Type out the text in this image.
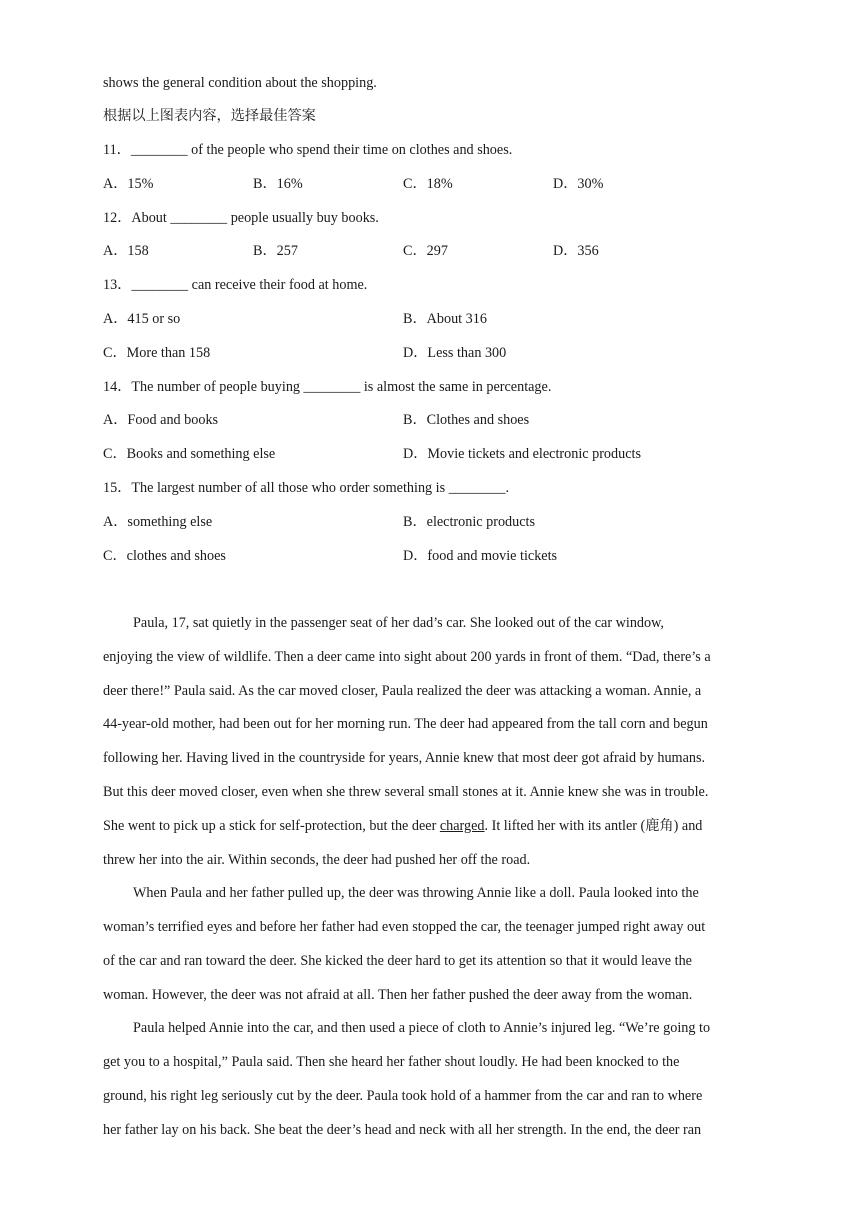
shows the general condition about the shopping.
根据以上图表内容，选择最佳答案
11．________ of the people who spend their time on clothes and shoes.
A．15%	B．16%	C．18%	D．30%
12．About ________ people usually buy books.
A．158	B．257	C．297	D．356
13．________ can receive their food at home.
A．415 or so	B．About 316
C．More than 158	D．Less than 300
14．The number of people buying ________ is almost the same in percentage.
A．Food and books	B．Clothes and shoes
C．Books and something else	D．Movie tickets and electronic products
15．The largest number of all those who order something is ________.
A．something else	B．electronic products
C．clothes and shoes	D．food and movie tickets
Paula, 17, sat quietly in the passenger seat of her dad’s car. She looked out of the car window,
enjoying the view of wildlife. Then a deer came into sight about 200 yards in front of them. “Dad, there’s a
deer there!” Paula said. As the car moved closer, Paula realized the deer was attacking a woman. Annie, a
44-year-old mother, had been out for her morning run. The deer had appeared from the tall corn and begun
following her. Having lived in the countryside for years, Annie knew that most deer got afraid by humans.
But this deer moved closer, even when she threw several small stones at it. Annie knew she was in trouble.
She went to pick up a stick for self-protection, but the deer charged. It lifted her with its antler (鹿角) and
threw her into the air. Within seconds, the deer had pushed her off the road.
When Paula and her father pulled up, the deer was throwing Annie like a doll. Paula looked into the
woman’s terrified eyes and before her father had even stopped the car, the teenager jumped right away out
of the car and ran toward the deer. She kicked the deer hard to get its attention so that it would leave the
woman. However, the deer was not afraid at all. Then her father pushed the deer away from the woman.
Paula helped Annie into the car, and then used a piece of cloth to Annie’s injured leg. “We’re going to
get you to a hospital,” Paula said. Then she heard her father shout loudly. He had been knocked to the
ground, his right leg seriously cut by the deer. Paula took hold of a hammer from the car and ran to where
her father lay on his back. She beat the deer’s head and neck with all her strength. In the end, the deer ran
